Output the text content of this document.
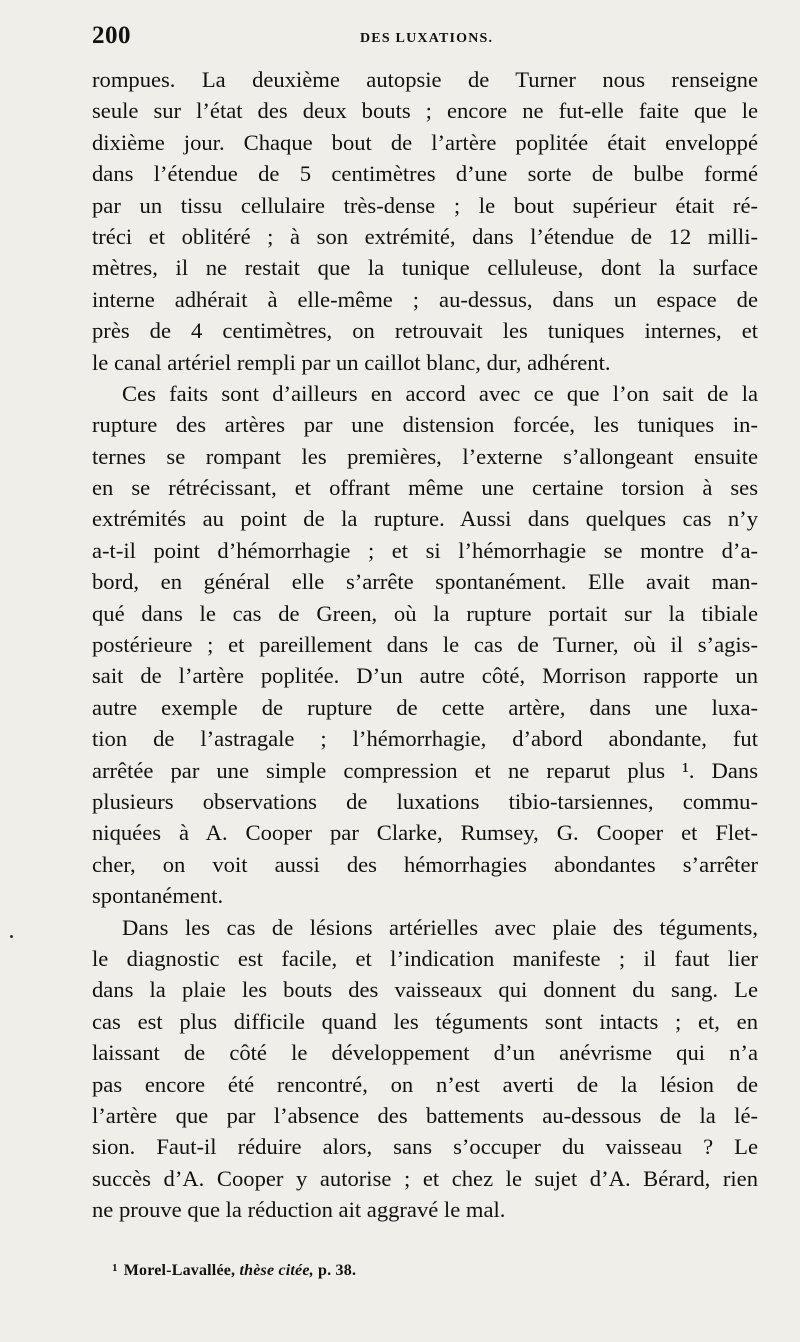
200	DES LUXATIONS.
rompues. La deuxième autopsie de Turner nous renseigne
seule sur l’état des deux bouts ; encore ne fut-elle faite que le
dixième jour. Chaque bout de l’artère poplitée était enveloppé
dans l’étendue de 5 centimètres d’une sorte de bulbe formé
par un tissu cellulaire très-dense ; le bout supérieur était ré-
tréci et oblitéré ; à son extrémité, dans l’étendue de 12 milli-
mètres, il ne restait que la tunique celluleuse, dont la surface
interne adhérait à elle-même ; au-dessus, dans un espace de
près de 4 centimètres, on retrouvait les tuniques internes, et
le canal artériel rempli par un caillot blanc, dur, adhérent.
Ces faits sont d’ailleurs en accord avec ce que l’on sait de la
rupture des artères par une distension forcée, les tuniques in-
ternes se rompant les premières, l’externe s’allongeant ensuite
en se rétrécissant, et offrant même une certaine torsion à ses
extrémités au point de la rupture. Aussi dans quelques cas n’y
a-t-il point d’hémorrhagie ; et si l’hémorrhagie se montre d’a-
bord, en général elle s’arrête spontanément. Elle avait man-
qué dans le cas de Green, où la rupture portait sur la tibiale
postérieure ; et pareillement dans le cas de Turner, où il s’agis-
sait de l’artère poplitée. D’un autre côté, Morrison rapporte un
autre exemple de rupture de cette artère, dans une luxa-
tion de l’astragale ; l’hémorrhagie, d’abord abondante, fut
arrêtée par une simple compression et ne reparut plus ¹. Dans
plusieurs observations de luxations tibio-tarsiennes, commu-
niquées à A. Cooper par Clarke, Rumsey, G. Cooper et Flet-
cher, on voit aussi des hémorrhagies abondantes s’arrêter
spontanément.
Dans les cas de lésions artérielles avec plaie des téguments,
le diagnostic est facile, et l’indication manifeste ; il faut lier
dans la plaie les bouts des vaisseaux qui donnent du sang. Le
cas est plus difficile quand les téguments sont intacts ; et, en
laissant de côté le développement d’un anévrisme qui n’a
pas encore été rencontré, on n’est averti de la lésion de
l’artère que par l’absence des battements au-dessous de la lé-
sion. Faut-il réduire alors, sans s’occuper du vaisseau ? Le
succès d’A. Cooper y autorise ; et chez le sujet d’A. Bérard, rien
ne prouve que la réduction ait aggravé le mal.
$^1$ Morel-Lavallée, thèse citée, p. 38.
